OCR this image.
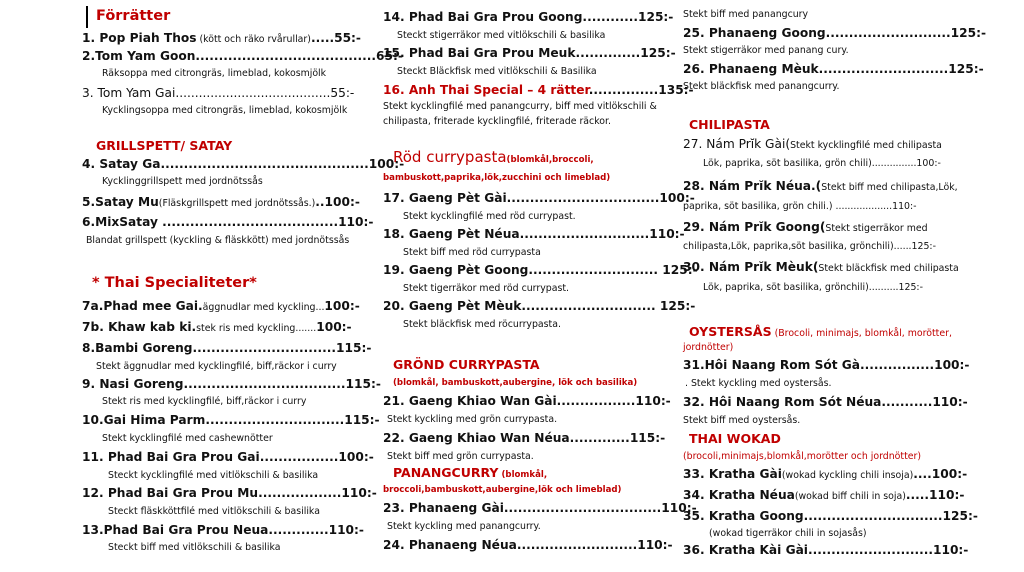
Förrätter
1. Pop Piah Thos (kött och räko rvårullar).....55:-
2.Tom Yam Goon.......................................65:-
Räksoppa med citrongräs, limeblad, kokosmjölk
3. Tom Yam Gai........................................55:-
Kycklingsoppa med citrongräs, limeblad, kokosmjölk
GRILLSPETT/ SATAY
4. Satay Ga.............................................100:-
Kycklinggrillspett med jordnötssås
5.Satay Mu(Fläskgrillspett med jordnötssås.)..100:-
6.MixSatay ......................................110:-
Blandat grillspett (kyckling & fläskkött) med jordnötssås
* Thai Specialiteter*
7a.Phad mee Gai.äggnudlar med kyckling...100:-
7b. Khaw kab ki.stek ris med kyckling.......100:-
8.Bambi Goreng...............................115:-
Stekt äggnudlar med kycklingfilé, biff,räckor i curry
9. Nasi Goreng...................................115:-
Stekt ris med kycklingfilé, biff,räckor i curry
10.Gai Hima Parm..............................115:-
Stekt kycklingfilé med cashewnötter
11. Phad Bai Gra Prou Gai.................100:-
Steckt kycklingfilé med vitlökschili & basilika
12. Phad Bai Gra Prou Mu..................110:-
Steckt fläskköttfilé med vitlökschili & basilika
13.Phad Bai Gra Prou Neua.............110:-
Steckt biff med vitlökschili & basilika
14. Phad Bai Gra Prou Goong............125:-
Steckt stigerräkor med vitlökschili & basilika
15. Phad Bai Gra Prou Meuk..............125:-
Steckt Bläckfisk med vitlökschili & Basilika
16. Anh Thai Special – 4 rätter...............135:-
Stekt kycklingfilé med panangcurry, biff med vitlökschili &
chilipasta, friterade kycklingfilé, friterade räckor.
Röd currypasta(blomkål,broccoli,
bambuskott,paprika,lök,zucchini och limeblad)
17. Gaeng Pèt Gài.................................100:-
Stekt kycklingfilé med röd currypast.
18. Gaeng Pèt Néua............................110:-
Stekt biff med röd currypasta
19. Gaeng Pèt Goong............................ 125:-
Stekt tigerräkor med röd currypast.
20. Gaeng Pèt Mèuk............................. 125:-
Stekt bläckfisk med röcurrypasta.
GRÖND CURRYPASTA
(blomkål, bambuskott,aubergine, lök och basilika)
21. Gaeng Khiao Wan Gài.................110:-
Stekt kyckling med grön currypasta.
22. Gaeng Khiao Wan Néua.............115:-
Stekt biff med grön currypasta.
PANANGCURRY (blomkål,
broccoli,bambuskott,aubergine,lök och limeblad)
23. Phanaeng Gài..................................110:-
Stekt kyckling med panangcurry.
24. Phanaeng Néua..........................110:-
Stekt biff med panangcury
25. Phanaeng Goong...........................125:-
Stekt stigerräkor med panang cury.
26. Phanaeng Mèuk............................125:-
Stekt bläckfisk med panangcurry.
CHILIPASTA
27. Nám Prı̆k Gài(Stekt kycklingfilé med chilipasta
Lök, paprika, söt basilika, grön chili)...............100:-
28. Nám Prı̆k Néua.(Stekt biff med chilipasta,Lök,
paprika, söt basilika, grön chili.) ...................110:-
29. Nám Prı̆k Goong(Stekt stigerräkor med
chilipasta,Lök, paprika,söt basilika, grönchili)......125:-
30. Nám Prı̆k Mèuk(Stekt bläckfisk med chilipasta
Lök, paprika, söt basilika, grönchili)..........125:-
OYSTERSÅS (Brocoli, minimajs, blomkål, morötter,
jordnötter)
31.Hôi Naang Rom Sót Gà................100:-
. Stekt kyckling med oystersås.
32. Hôi Naang Rom Sót Néua...........110:-
Stekt biff med oystersås.
THAI WOKAD
(brocoli,minimajs,blomkål,morötter och jordnötter)
33. Kratha Gài(wokad kyckling chili insoja)....100:-
34. Kratha Néua(wokad biff chili in soja).....110:-
35. Kratha Goong..............................125:-
(wokad tigerräkor chili in sojasås)
36. Kratha Kài Gài...........................110:-
